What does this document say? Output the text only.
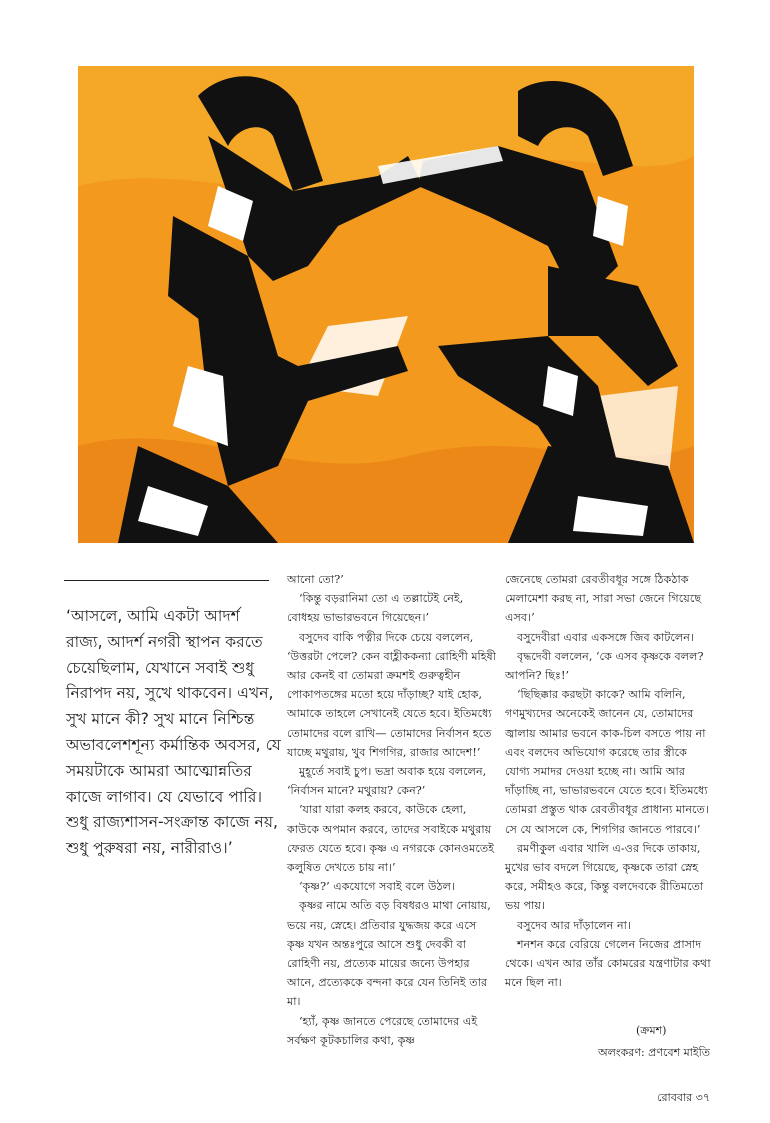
‘আসলে, আমি একটা আদর্শ রাজ্য, আদর্শ নগরী স্থাপন করতে চেয়েছিলাম, যেখানে সবাই শুধু নিরাপদ নয়, সুখে থাকবেন। এখন, সুখ মানে কী? সুখ মানে নিশ্চিন্ত অভাবলেশশূন্য কর্মান্তিক অবসর, যে সময়টাকে আমরা আত্মোন্নতির কাজে লাগাব। যে যেভাবে পারি। শুধু রাজ্যশাসন-সংক্রান্ত কাজে নয়, শুধু পুরুষরা নয়, নারীরাও।’

আনো তো?’

‘কিন্তু বড়রানিমা তো এ তল্লাটেই নেই, বোধহয় ভাভারভবনে গিয়েছেন।’

বসুদেব বাকি পত্নীর দিকে চেয়ে বললেন, ‘উত্তরটা পেলে? কেন বাহ্লীককন্যা রোহিণী মহিষী আর কেনই বা তোমরা ক্রমশই গুরুত্বহীন পোকাপতঙ্গের মতো হয়ে দাঁড়াচ্ছ? যাই হোক, আমাকে তাহলে সেখানেই যেতে হবে। ইতিমধ্যে তোমাদের বলে রাখি— তোমাদের নির্বাসন হতে যাচ্ছে মথুরায়, খুব শিগগির, রাজার আদেশ!’

মুহূর্তে সবাই চুপ। ভদ্রা অবাক হয়ে বললেন, ‘নির্বাসন মানে? মথুরায়? কেন?’

‘যারা যারা কলহ করবে, কাউকে হেলা, কাউকে অপমান করবে, তাদের সবাইকে মথুরায় ফেরত যেতে হবে। কৃষ্ণ এ নগরকে কোনওমতেই কলুষিত দেখতে চায় না।’

‘কৃষ্ণ?’ একযোগে সবাই বলে উঠল।

কৃষ্ণর নামে অতি বড় বিষধরও মাথা নোয়ায়, ভয়ে নয়, স্নেহে। প্রতিবার যুদ্ধজয় করে এসে কৃষ্ণ যখন অন্তঃপুরে আসে শুধু দেবকী বা রোহিণী নয়, প্রত্যেক মায়ের জন্যে উপহার আনে, প্রত্যেককে বন্দনা করে যেন তিনিই তার মা।

‘হ্যাঁ, কৃষ্ণ জানতে পেরেছে তোমাদের এই সর্বক্ষণ কূটকচালির কথা, কৃষ্ণ

জেনেছে তোমরা রেবতীবধূর সঙ্গে ঠিকঠাক মেলামেশা করছ না, সারা সভা জেনে গিয়েছে এসব।’

বসুদেবীরা এবার একসঙ্গে জিব কাটলেন।

বৃদ্ধদেবী বললেন, ‘কে এসব কৃষ্ণকে বলল? আপনি? ছিঃ!’

‘ছিছিক্কার করছটা কাকে? আমি বলিনি, গণমুখ্যদের অনেকেই জানেন যে, তোমাদের জ্বালায় আমার ভবনে কাক-চিল বসতে পায় না এবং বলদেব অভিযোগ করেছে তার স্ত্রীকে যোগ্য সমাদর দেওয়া হচ্ছে না। আমি আর দাঁড়াচ্ছি না, ভাভারভবনে যেতে হবে। ইতিমধ্যে তোমরা প্রস্তুত থাক রেবতীবধূর প্রাধান্য মানতে। সে যে আসলে কে, শিগগির জানতে পারবে।’

রমণীকুল এবার খালি এ-ওর দিকে তাকায়, মুখের ভাব বদলে গিয়েছে, কৃষ্ণকে তারা স্নেহ করে, সমীহও করে, কিন্তু বলদেবকে রীতিমতো ভয় পায়।

বসুদেব আর দাঁড়ালেন না।

শনশন করে বেরিয়ে গেলেন নিজের প্রাসাদ থেকে। এখন আর তাঁর কোমরের যন্ত্রণাটার কথা মনে ছিল না।

(ক্রমশ)
অলংকরণ: প্রণবেশ মাইতি
রোববার ৩৭
